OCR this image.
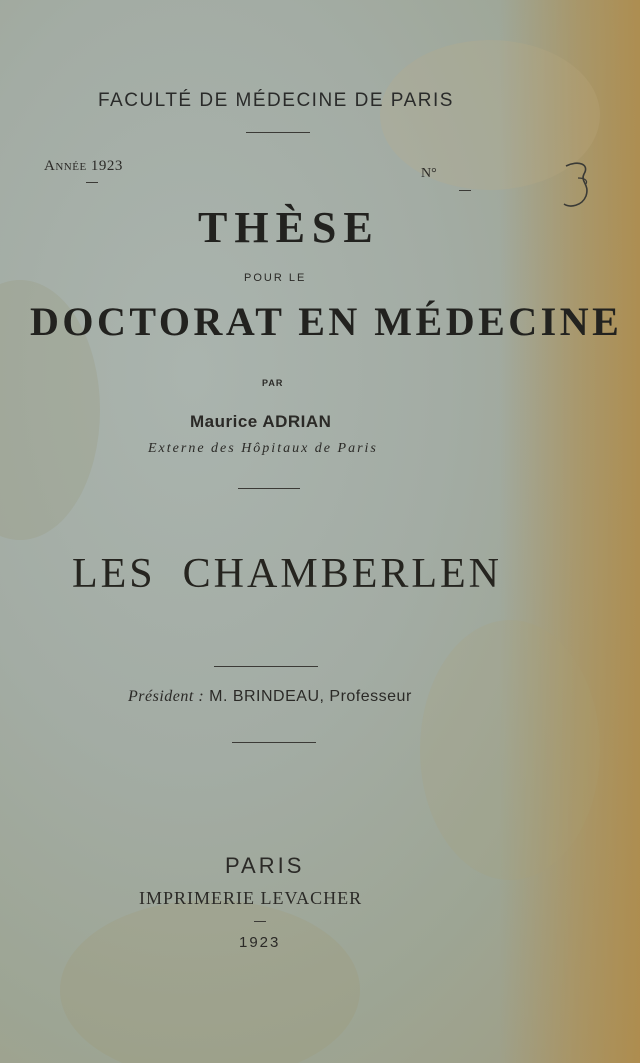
FACULTÉ DE MÉDECINE DE PARIS
Année 1923	N°
THÈSE
POUR LE
DOCTORAT EN MÉDECINE
PAR
Maurice ADRIAN
Externe des Hôpitaux de Paris
LES  CHAMBERLEN
Président : M. BRINDEAU, Professeur
PARIS
IMPRIMERIE LEVACHER
1923
